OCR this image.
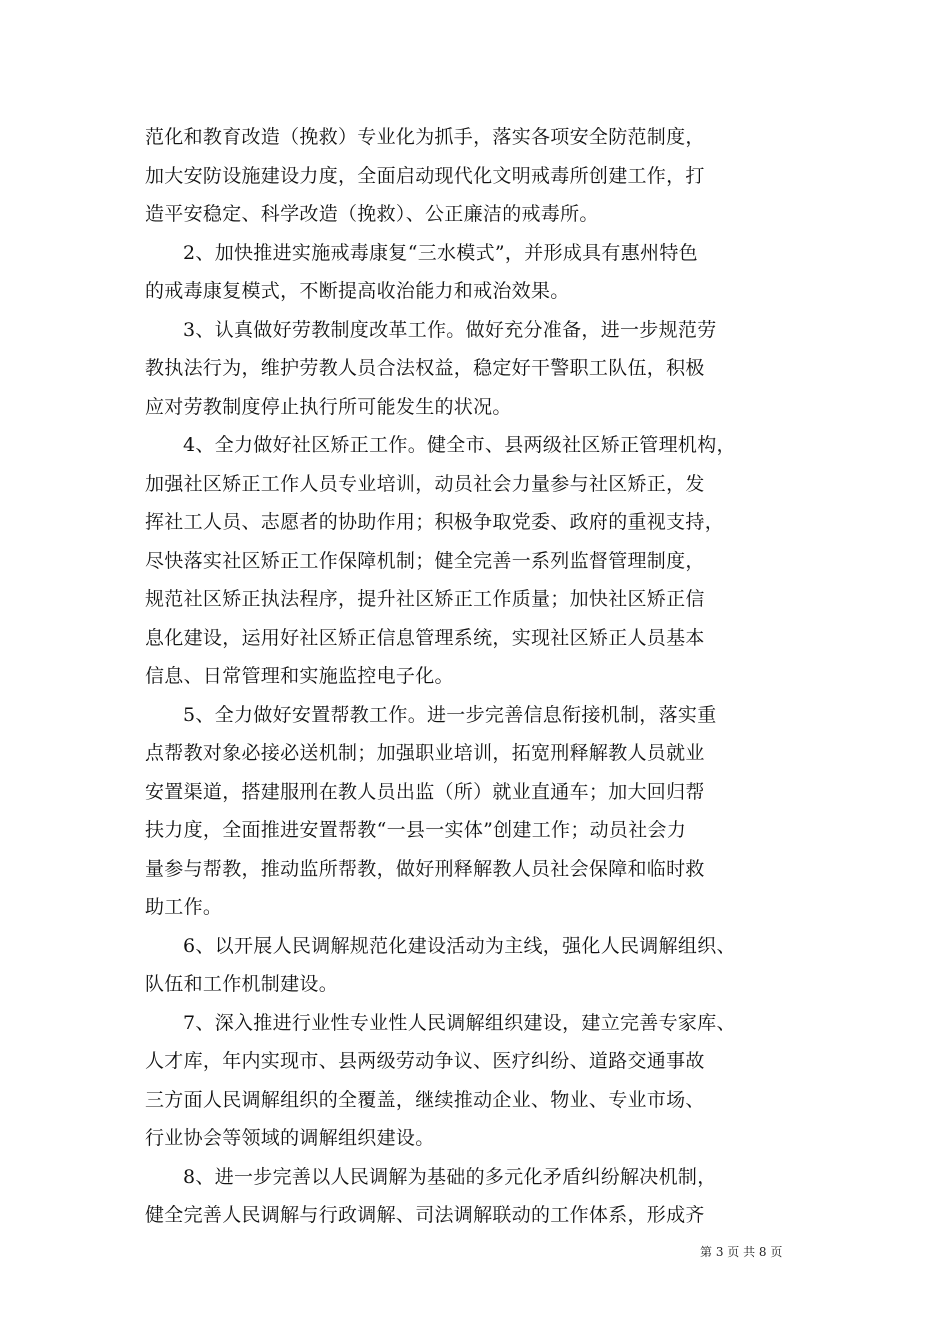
范化和教育改造（挽救）专业化为抓手，落实各项安全防范制度，
加大安防设施建设力度，全面启动现代化文明戒毒所创建工作，打
造平安稳定、科学改造（挽救）、公正廉洁的戒毒所。
2、加快推进实施戒毒康复“三水模式”，并形成具有惠州特色
的戒毒康复模式，不断提高收治能力和戒治效果。
3、认真做好劳教制度改革工作。做好充分准备，进一步规范劳
教执法行为，维护劳教人员合法权益，稳定好干警职工队伍，积极
应对劳教制度停止执行所可能发生的状况。
4、全力做好社区矫正工作。健全市、县两级社区矫正管理机构，
加强社区矫正工作人员专业培训，动员社会力量参与社区矫正，发
挥社工人员、志愿者的协助作用；积极争取党委、政府的重视支持，
尽快落实社区矫正工作保障机制；健全完善一系列监督管理制度，
规范社区矫正执法程序，提升社区矫正工作质量；加快社区矫正信
息化建设，运用好社区矫正信息管理系统，实现社区矫正人员基本
信息、日常管理和实施监控电子化。
5、全力做好安置帮教工作。进一步完善信息衔接机制，落实重
点帮教对象必接必送机制；加强职业培训，拓宽刑释解教人员就业
安置渠道，搭建服刑在教人员出监（所）就业直通车；加大回归帮
扶力度，全面推进安置帮教“一县一实体”创建工作；动员社会力
量参与帮教，推动监所帮教，做好刑释解教人员社会保障和临时救
助工作。
6、以开展人民调解规范化建设活动为主线，强化人民调解组织、
队伍和工作机制建设。
7、深入推进行业性专业性人民调解组织建设，建立完善专家库、
人才库，年内实现市、县两级劳动争议、医疗纠纷、道路交通事故
三方面人民调解组织的全覆盖，继续推动企业、物业、专业市场、
行业协会等领域的调解组织建设。
8、进一步完善以人民调解为基础的多元化矛盾纠纷解决机制，
健全完善人民调解与行政调解、司法调解联动的工作体系，形成齐
第 3 页 共 8 页
